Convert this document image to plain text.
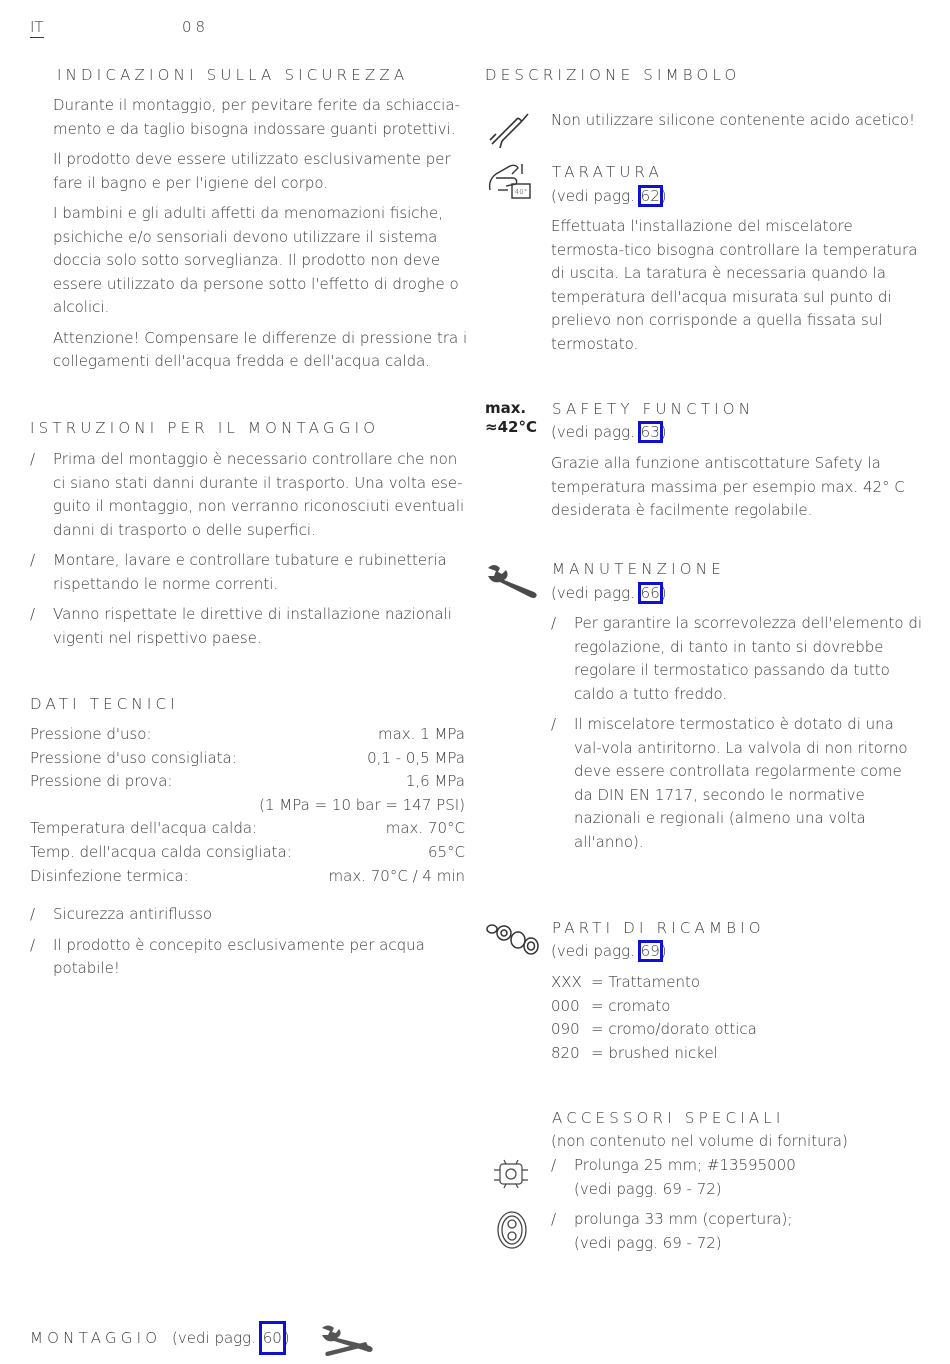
IT	08
INDICAZIONI SULLA SICUREZZA

Durante il montaggio, per pevitare ferite da schiaccia-mento e da taglio bisogna indossare guanti protettivi.

Il prodotto deve essere utilizzato esclusivamente per fare il bagno e per l'igiene del corpo.

I bambini e gli adulti affetti da menomazioni fisiche, psichiche e/o sensoriali devono utilizzare il sistema doccia solo sotto sorveglianza. Il prodotto non deve essere utilizzato da persone sotto l'effetto di droghe o alcolici.

Attenzione! Compensare le differenze di pressione tra i collegamenti dell'acqua fredda e dell'acqua calda.

ISTRUZIONI PER IL MONTAGGIO
/	Prima del montaggio è necessario controllare che non ci siano stati danni durante il trasporto. Una volta ese-guito il montaggio, non verranno riconosciuti eventuali danni di trasporto o delle superfici.
/	Montare, lavare e controllare tubature e rubinetteria rispettando le norme correnti.
/	Vanno rispettate le direttive di installazione nazionali vigenti nel rispettivo paese.
DATI TECNICI
Pressione d'uso:	max. 1 MPa
Pressione d'uso consigliata:	0,1 - 0,5 MPa
Pressione di prova:	1,6 MPa
(1 MPa = 10 bar = 147 PSI)
Temperatura dell'acqua calda:	max. 70°C
Temp. dell'acqua calda consigliata:	65°C
Disinfezione termica:	max. 70°C / 4 min
/	Sicurezza antiriflusso
/	Il prodotto è concepito esclusivamente per acqua potabile!
DESCRIZIONE SIMBOLO
Non utilizzare silicone contenente acido acetico!
40°
TARATURA
(vedi pagg. 62)

Effettuata l'installazione del miscelatore termosta-tico bisogna controllare la temperatura di uscita. La taratura è necessaria quando la temperatura dell'acqua misurata sul punto di prelievo non corrisponde a quella fissata sul termostato.

max.
≈42°C
SAFETY FUNCTION
(vedi pagg. 63)

Grazie alla funzione antiscottature Safety la temperatura massima per esempio max. 42° C desiderata è facilmente regolabile.

MANUTENZIONE
(vedi pagg. 66)
/	Per garantire la scorrevolezza dell'elemento di regolazione, di tanto in tanto si dovrebbe regolare il termostatico passando da tutto caldo a tutto freddo.
/	Il miscelatore termostatico è dotato di una val-vola antiritorno. La valvola di non ritorno deve essere controllata regolarmente come da DIN EN 1717, secondo le normative nazionali e regionali (almeno una volta all'anno).
PARTI DI RICAMBIO
(vedi pagg. 69)
XXX = Trattamento
000 = cromato
090 = cromo/dorato ottica
820 = brushed nickel
ACCESSORI SPECIALI
(non contenuto nel volume di fornitura)
/	Prolunga 25 mm; #13595000
(vedi pagg. 69 - 72)
/	prolunga 33 mm (copertura);
(vedi pagg. 69 - 72)
MONTAGGIO (vedi pagg. 60 )
